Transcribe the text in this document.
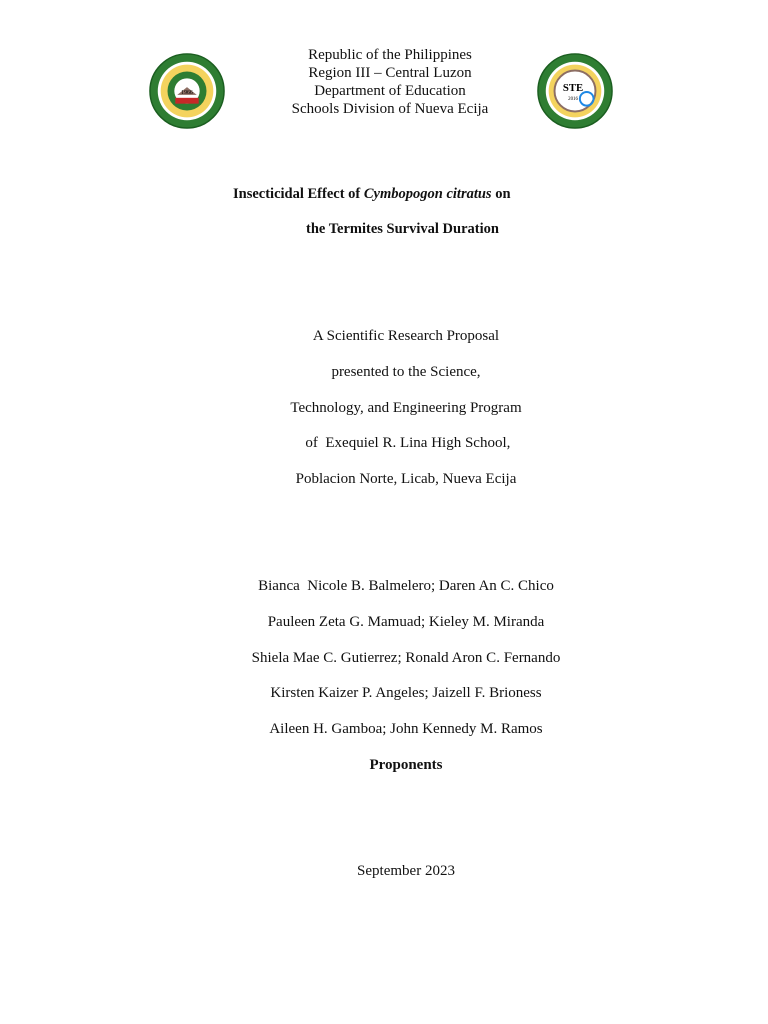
1966	STE
2016
Republic of the Philippines
Region III – Central Luzon
Department of Education
Schools Division of Nueva Ecija
Insecticidal Effect of Cymbopogon citratus on
the Termites Survival Duration
A Scientific Research Proposal
presented to the Science,
Technology, and Engineering Program
of  Exequiel R. Lina High School,
Poblacion Norte, Licab, Nueva Ecija
Bianca  Nicole B. Balmelero; Daren An C. Chico
Pauleen Zeta G. Mamuad; Kieley M. Miranda
Shiela Mae C. Gutierrez; Ronald Aron C. Fernando
Kirsten Kaizer P. Angeles; Jaizell F. Brioness
Aileen H. Gamboa; John Kennedy M. Ramos
Proponents
September 2023
